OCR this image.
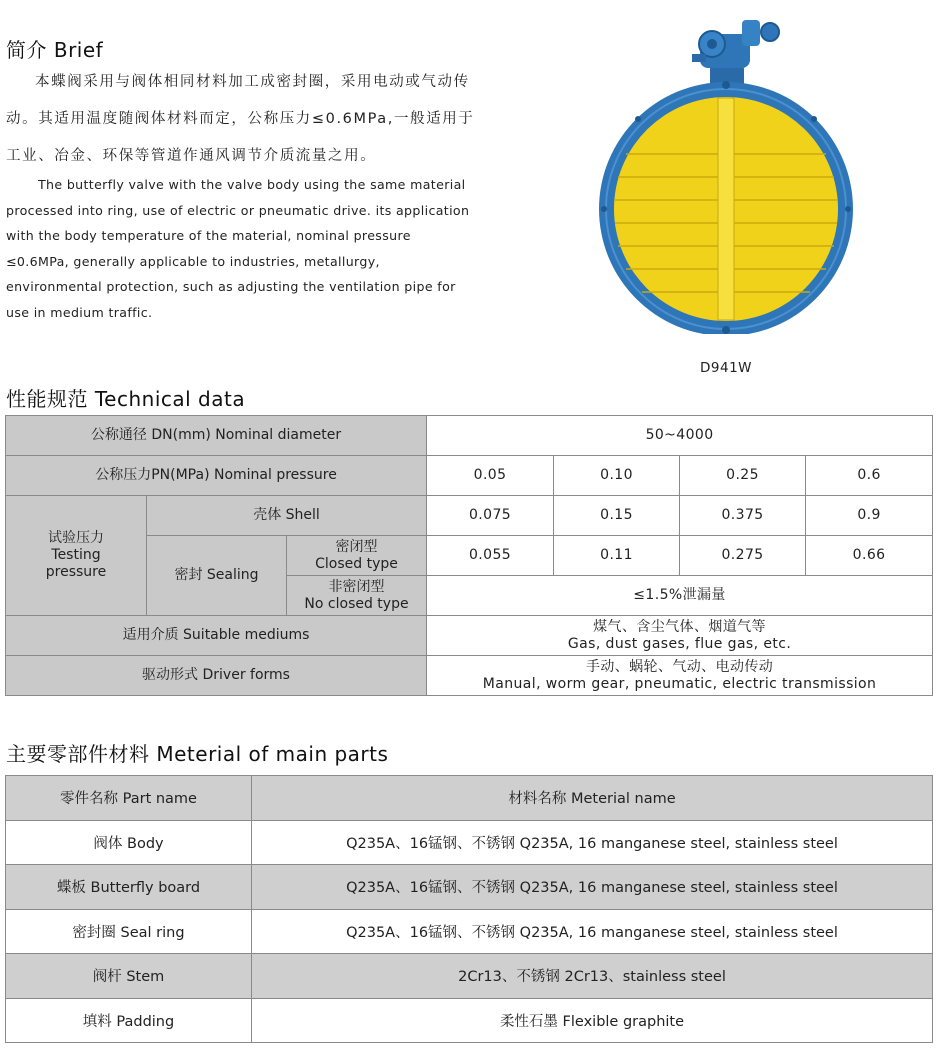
简介 Brief
本蝶阀采用与阀体相同材料加工成密封圈，采用电动或气动传动。其适用温度随阀体材料而定，公称压力≤0.6MPa,一般适用于工业、冶金、环保等管道作通风调节介质流量之用。
The butterfly valve with the valve body using the same material processed into ring, use of electric or pneumatic drive. its application with the body temperature of the material, nominal pressure ≤0.6MPa, generally applicable to industries, metallurgy, environmental protection, such as adjusting the ventilation pipe for use in medium traffic.
D941W
性能规范 Technical data
公称通径 DN(mm) Nominal diameter			50~4000			
公称压力PN(MPa) Nominal pressure			0.05	0.10	0.25	0.6

试验压力
Testing
pressure	壳体 Shell		0.075	0.15	0.375	0.9
	密封 Sealing	密闭型
Closed type	0.055	0.11	0.275	0.66

		非密闭型
No closed type	≤1.5%泄漏量			
适用介质 Suitable mediums			煤气、含尘气体、烟道气等
Gas, dust gases, flue gas, etc.			

驱动形式 Driver forms			手动、蜗轮、气动、电动传动
Manual, worm gear, pneumatic, electric transmission			
主要零部件材料 Meterial of main parts
零件名称 Part name	材料名称 Meterial name
阀体 Body	Q235A、16锰钢、不锈钢 Q235A, 16 manganese steel, stainless steel
蝶板 Butterfly board	Q235A、16锰钢、不锈钢 Q235A, 16 manganese steel, stainless steel
密封圈 Seal ring	Q235A、16锰钢、不锈钢 Q235A, 16 manganese steel, stainless steel
阀杆 Stem	2Cr13、不锈钢 2Cr13、stainless steel
填料 Padding	柔性石墨 Flexible graphite
